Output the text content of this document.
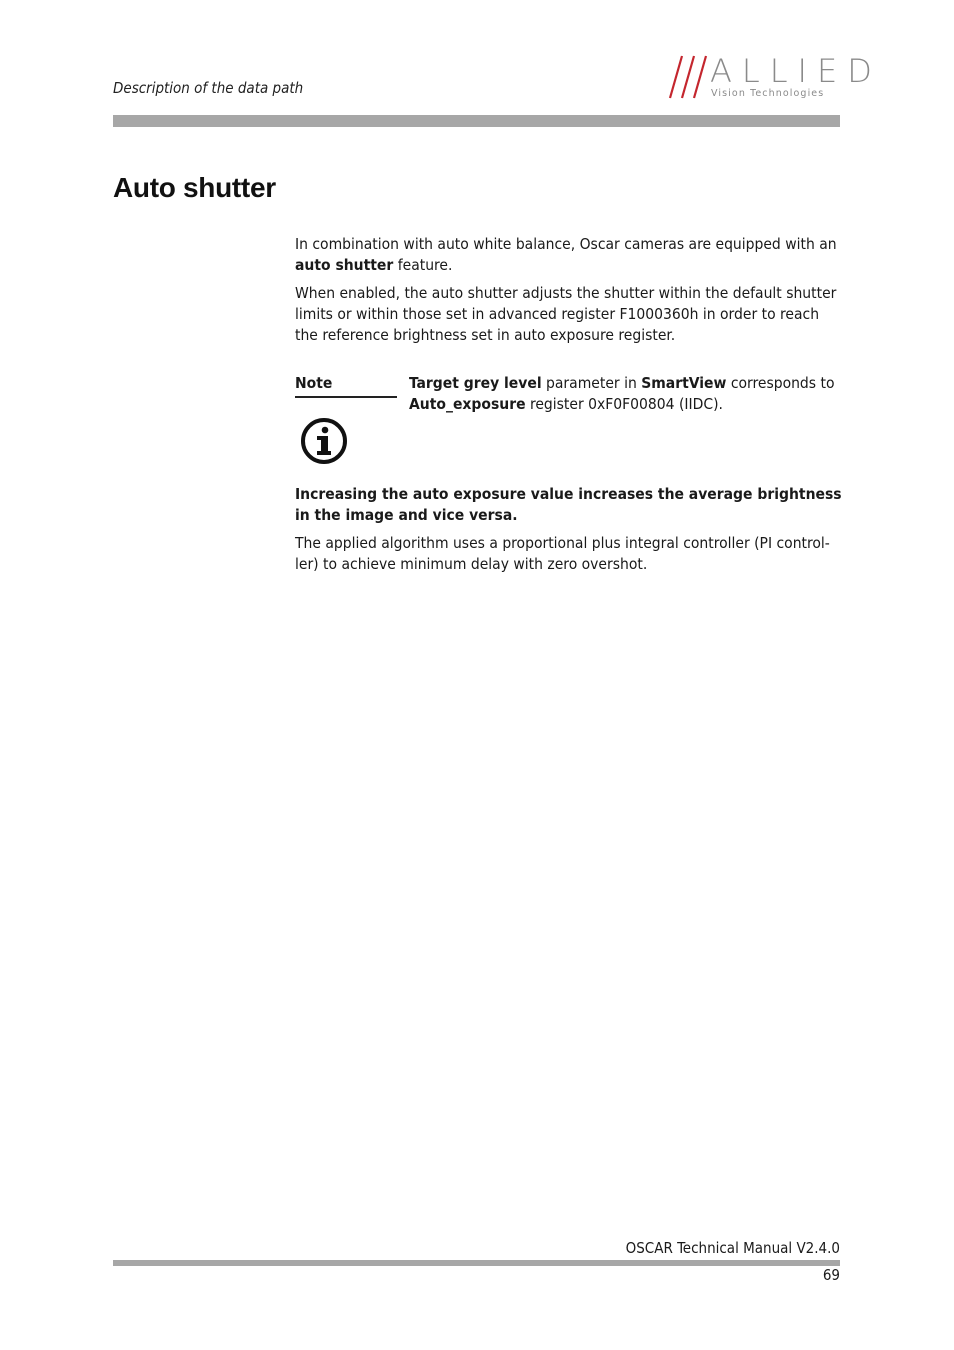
Description of the data path	ALLIED
Vision Technologies
Auto shutter

In combination with auto white balance, Oscar cameras are equipped with an auto shutter feature.

When enabled, the auto shutter adjusts the shutter within the default shutter limits or within those set in advanced register F1000360h in order to reach the reference brightness set in auto exposure register.

Note	Target grey level parameter in SmartView corresponds to
Auto_exposure register 0xF0F00804 (IIDC).

Increasing the auto exposure value increases the average brightness in the image and vice versa.

The applied algorithm uses a proportional plus integral controller (PI control-
ler) to achieve minimum delay with zero overshot.

OSCAR Technical Manual V2.4.0
69
